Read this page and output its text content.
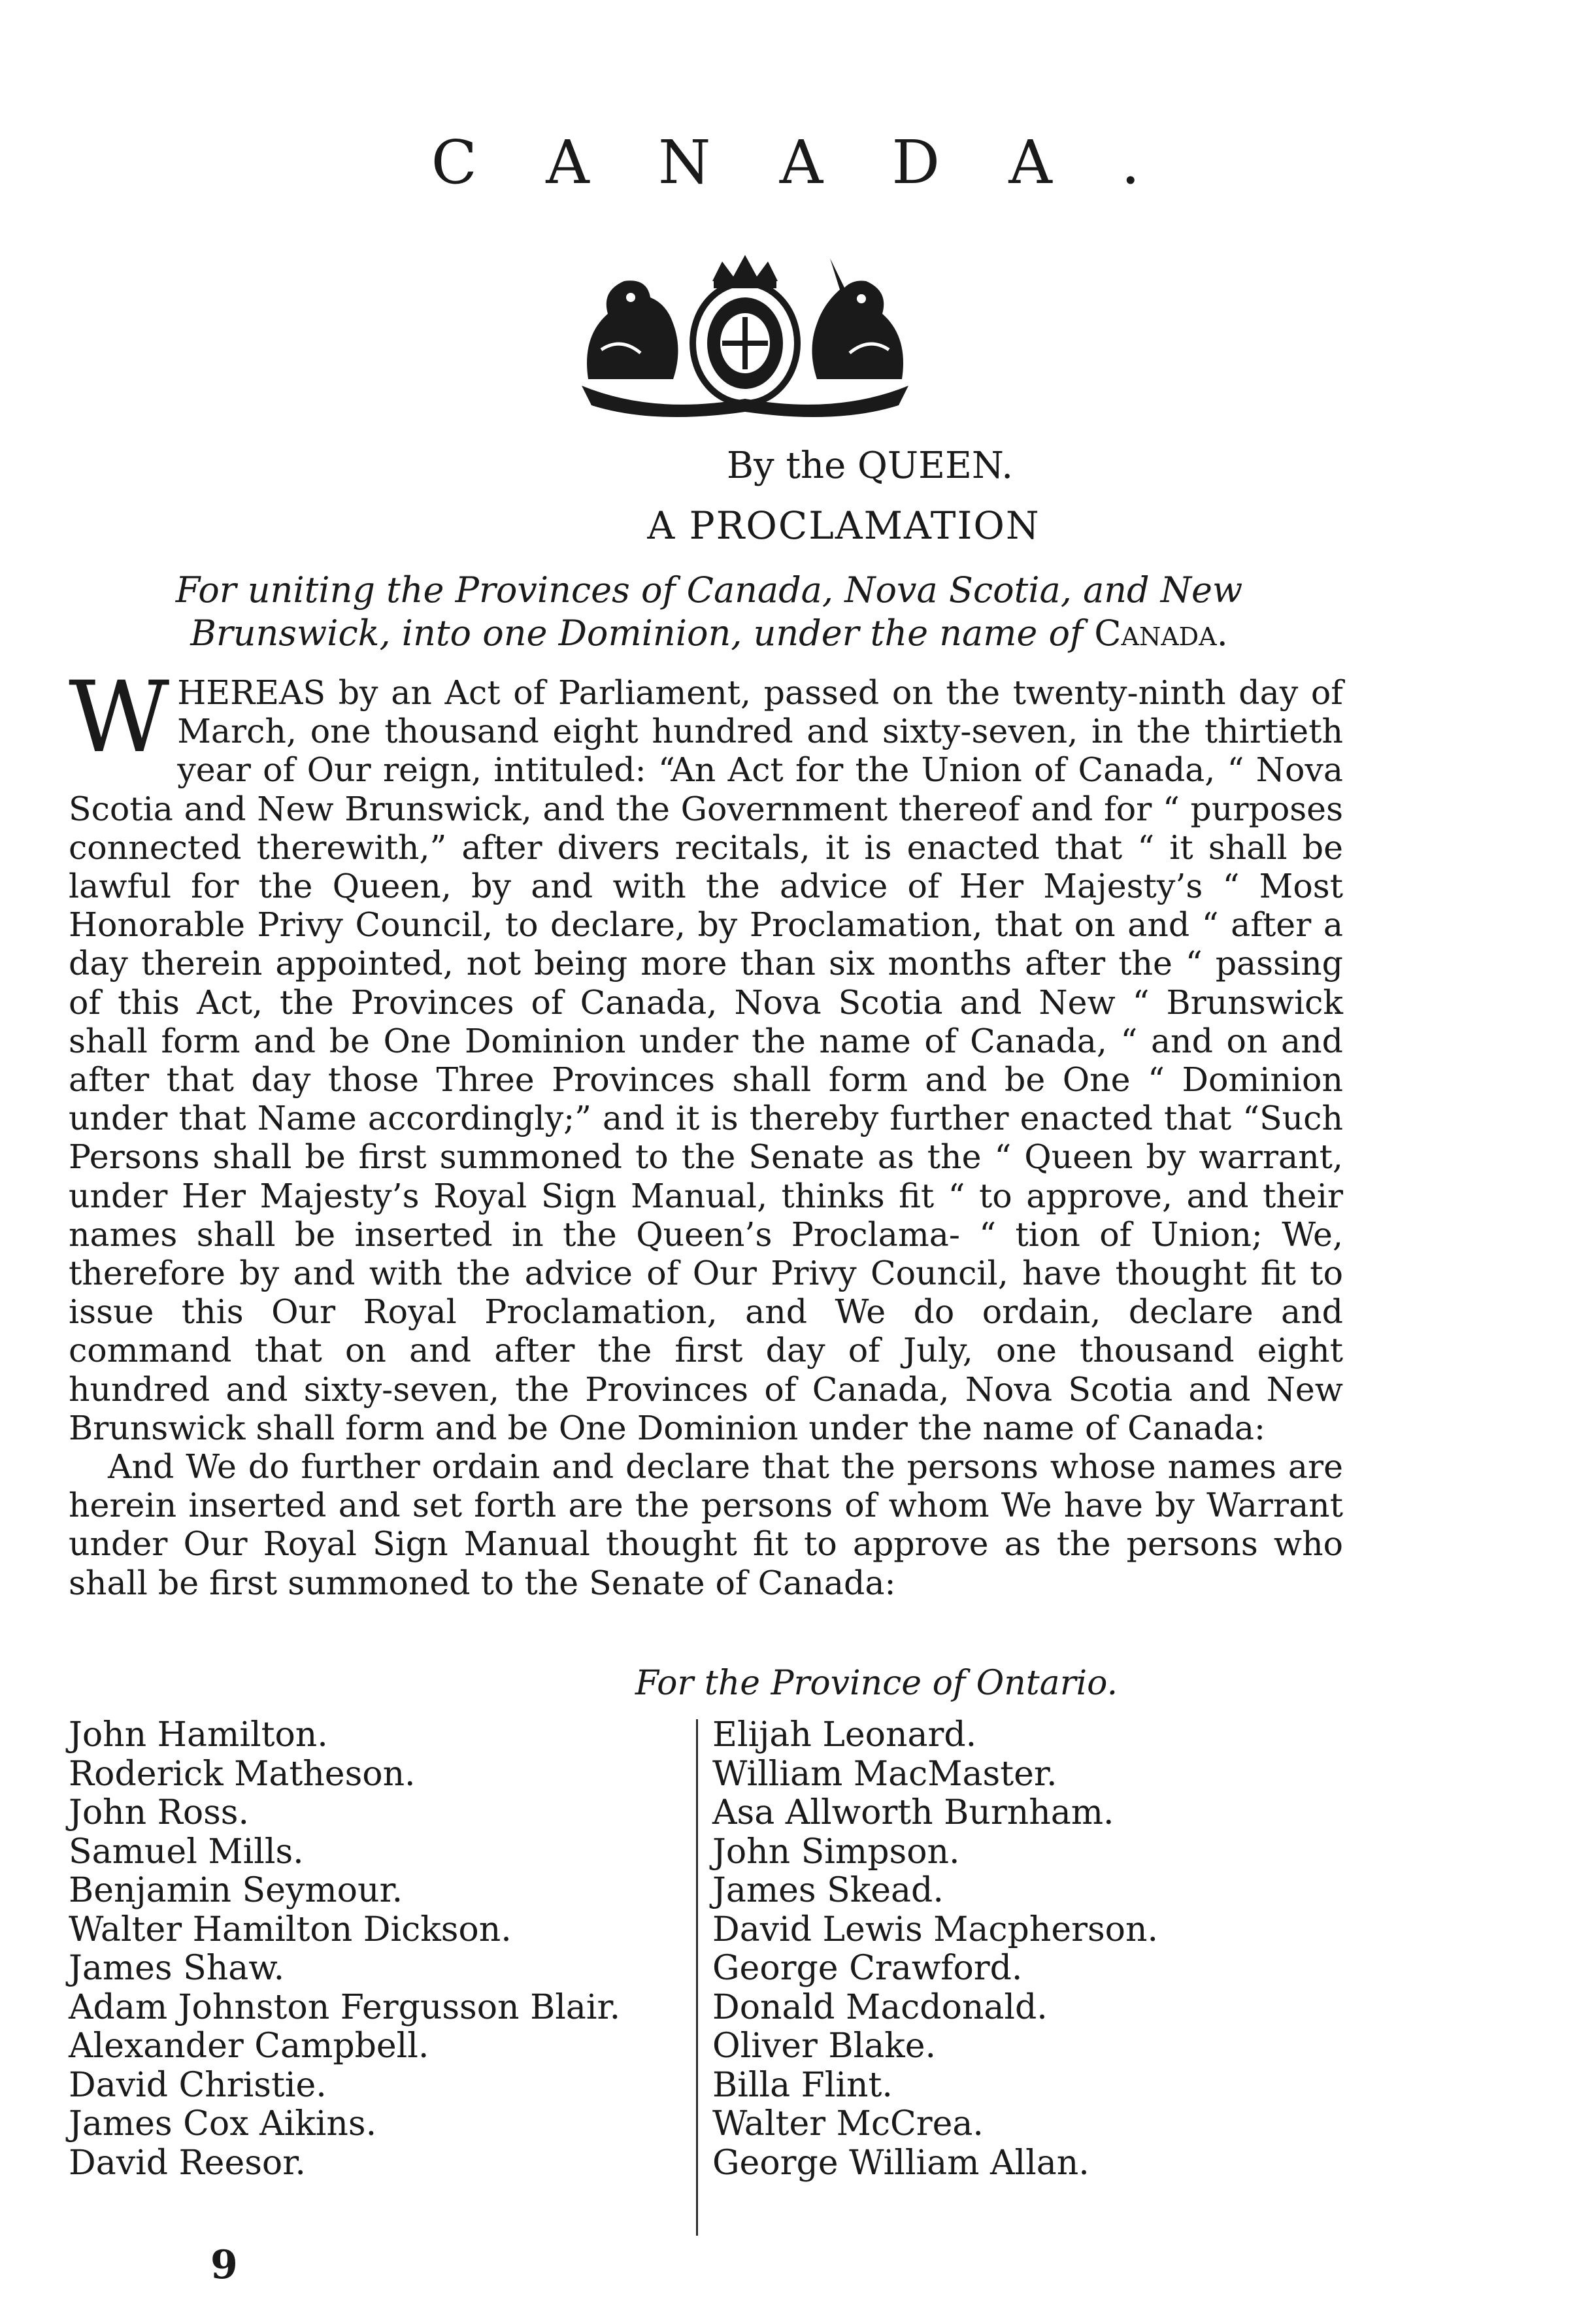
C A N A D A .
By the QUEEN.
A PROCLAMATION
For uniting the Provinces of Canada, Nova Scotia, and New Brunswick, into one Dominion, under the name of Canada.

WHEREAS by an Act of Parliament, passed on the twenty-ninth day of March, one thousand eight hundred and sixty-seven, in the thirtieth year of Our reign, intituled: “An Act for the Union of Canada, “ Nova Scotia and New Brunswick, and the Government thereof and for “ purposes connected therewith,” after divers recitals, it is enacted that “ it shall be lawful for the Queen, by and with the advice of Her Majesty’s “ Most Honorable Privy Council, to declare, by Proclamation, that on and “ after a day therein appointed, not being more than six months after the “ passing of this Act, the Provinces of Canada, Nova Scotia and New “ Brunswick shall form and be One Dominion under the name of Canada, “ and on and after that day those Three Provinces shall form and be One “ Dominion under that Name accordingly;” and it is thereby further enacted that “Such Persons shall be first summoned to the Senate as the “ Queen by warrant, under Her Majesty’s Royal Sign Manual, thinks fit “ to approve, and their names shall be inserted in the Queen’s Proclama- “ tion of Union; We, therefore by and with the advice of Our Privy Council, have thought fit to issue this Our Royal Proclamation, and We do ordain, declare and command that on and after the first day of July, one thousand eight hundred and sixty-seven, the Provinces of Canada, Nova Scotia and New Brunswick shall form and be One Dominion under the name of Canada:

And We do further ordain and declare that the persons whose names are herein inserted and set forth are the persons of whom We have by Warrant under Our Royal Sign Manual thought fit to approve as the persons who shall be first summoned to the Senate of Canada:

For the Province of Ontario.
John Hamilton.
Roderick Matheson.
John Ross.
Samuel Mills.
Benjamin Seymour.
Walter Hamilton Dickson.
James Shaw.
Adam Johnston Fergusson Blair.
Alexander Campbell.
David Christie.
James Cox Aikins.
David Reesor.
Elijah Leonard.
William MacMaster.
Asa Allworth Burnham.
John Simpson.
James Skead.
David Lewis Macpherson.
George Crawford.
Donald Macdonald.
Oliver Blake.
Billa Flint.
Walter McCrea.
George William Allan.
9
